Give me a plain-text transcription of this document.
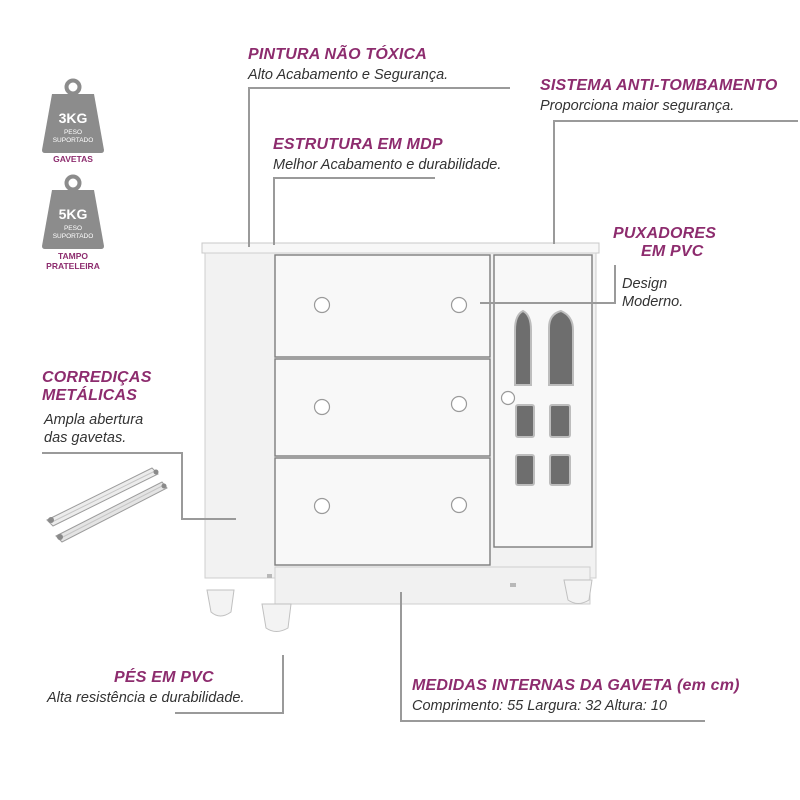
3KG
PESO
SUPORTADO
GAVETAS
5KG
PESO
SUPORTADO
TAMPO
PRATELEIRA
PINTURA NÃO TÓXICA
Alto Acabamento e Segurança.
ESTRUTURA EM MDP
Melhor Acabamento e durabilidade.
SISTEMA ANTI-TOMBAMENTO
Proporciona maior segurança.
PUXADORES
EM PVC
Design
Moderno.
CORREDIÇAS
METÁLICAS
Ampla abertura
das gavetas.
PÉS EM PVC
Alta resistência e durabilidade.
MEDIDAS INTERNAS DA GAVETA (em cm)
Comprimento: 55 Largura: 32 Altura: 10
